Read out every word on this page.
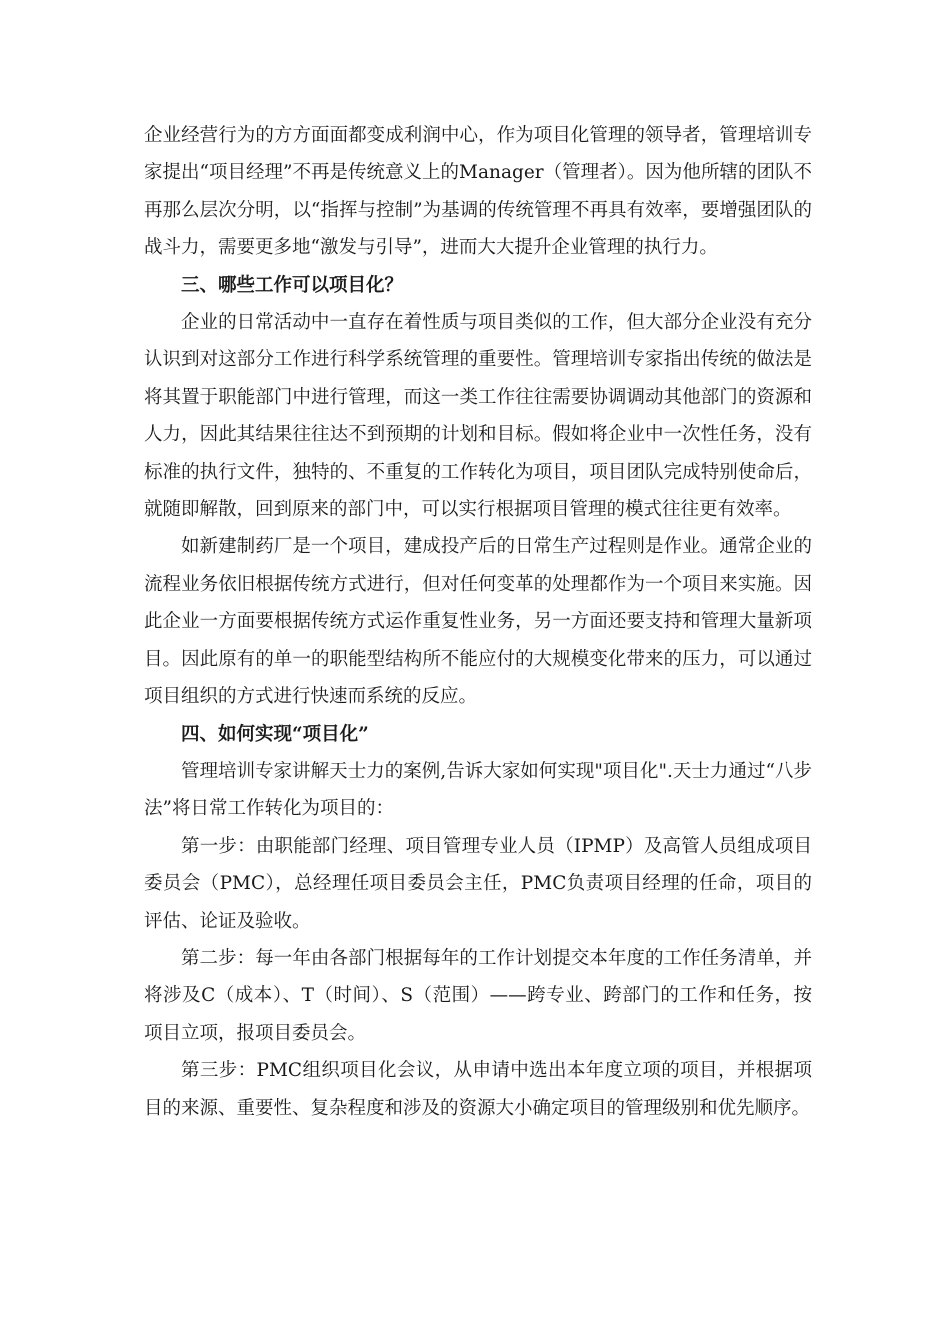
企业经营行为的方方面面都变成利润中心，作为项目化管理的领导者，管理培训专家提出“项目经理”不再是传统意义上的Manager（管理者）。因为他所辖的团队不再那么层次分明，以“指挥与控制”为基调的传统管理不再具有效率，要增强团队的战斗力，需要更多地“激发与引导”，进而大大提升企业管理的执行力。

三、哪些工作可以项目化？

企业的日常活动中一直存在着性质与项目类似的工作，但大部分企业没有充分认识到对这部分工作进行科学系统管理的重要性。管理培训专家指出传统的做法是将其置于职能部门中进行管理，而这一类工作往往需要协调调动其他部门的资源和人力，因此其结果往往达不到预期的计划和目标。假如将企业中一次性任务，没有标准的执行文件，独特的、不重复的工作转化为项目，项目团队完成特别使命后，就随即解散，回到原来的部门中，可以实行根据项目管理的模式往往更有效率。

如新建制药厂是一个项目，建成投产后的日常生产过程则是作业。通常企业的流程业务依旧根据传统方式进行，但对任何变革的处理都作为一个项目来实施。因此企业一方面要根据传统方式运作重复性业务，另一方面还要支持和管理大量新项目。因此原有的单一的职能型结构所不能应付的大规模变化带来的压力，可以通过项目组织的方式进行快速而系统的反应。

四、如何实现“项目化”

管理培训专家讲解天士力的案例,告诉大家如何实现"项目化".天士力通过“八步法”将日常工作转化为项目的：

第一步：由职能部门经理、项目管理专业人员（IPMP）及高管人员组成项目委员会（PMC），总经理任项目委员会主任，PMC负责项目经理的任命，项目的评估、论证及验收。

第二步：每一年由各部门根据每年的工作计划提交本年度的工作任务清单，并将涉及C（成本）、T（时间）、S（范围）——跨专业、跨部门的工作和任务，按项目立项，报项目委员会。

第三步：PMC组织项目化会议，从申请中选出本年度立项的项目，并根据项目的来源、重要性、复杂程度和涉及的资源大小确定项目的管理级别和优先顺序。
